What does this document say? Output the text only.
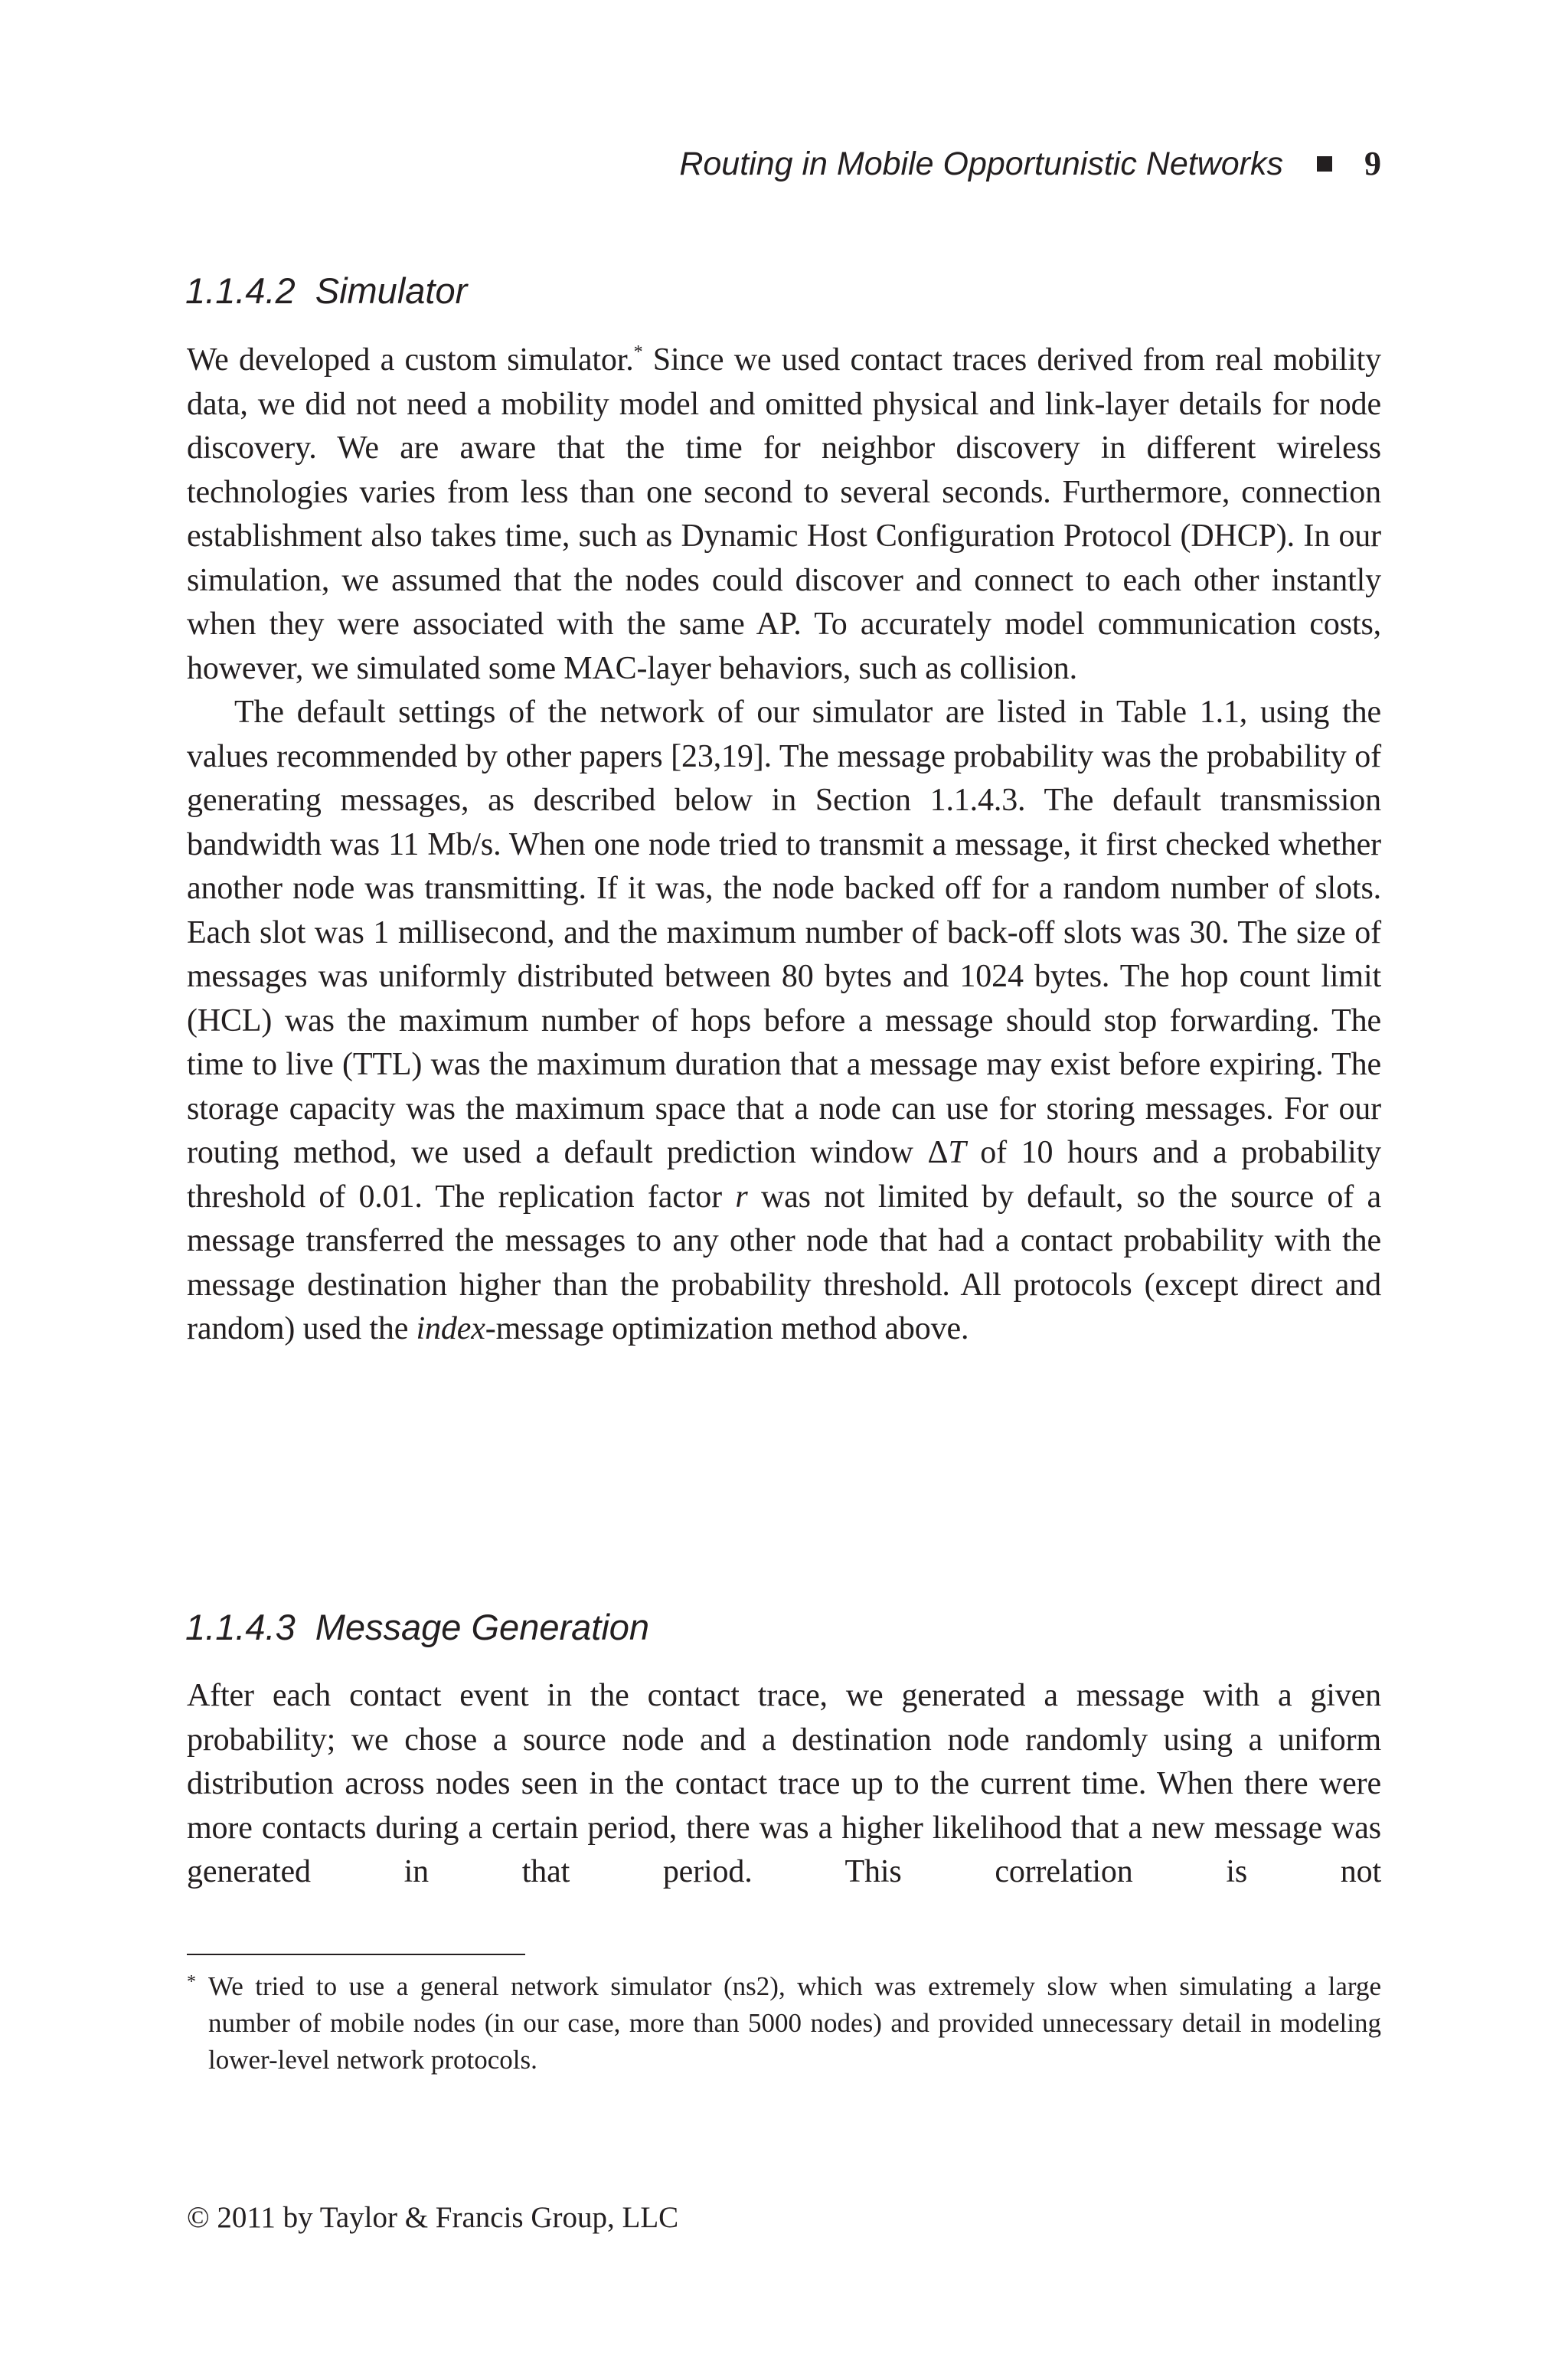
Routing in Mobile Opportunistic Networks 9
1.1.4.2 Simulator

We developed a custom simulator.* Since we used contact traces derived from real mobility data, we did not need a mobility model and omitted physical and link-layer details for node discovery. We are aware that the time for neighbor discovery in different wireless technologies varies from less than one second to several seconds. Furthermore, connection establishment also takes time, such as Dynamic Host Configuration Protocol (DHCP). In our simulation, we assumed that the nodes could discover and connect to each other instantly when they were associated with the same AP. To accurately model communication costs, however, we simulated some MAC-layer behaviors, such as collision.

The default settings of the network of our simulator are listed in Table 1.1, using the values recommended by other papers [23,19]. The message probability was the probability of generating messages, as described below in Section 1.1.4.3. The default transmission bandwidth was 11 Mb/s. When one node tried to transmit a message, it first checked whether another node was transmitting. If it was, the node backed off for a random number of slots. Each slot was 1 millisecond, and the maximum number of back-off slots was 30. The size of messages was uniformly distributed between 80 bytes and 1024 bytes. The hop count limit (HCL) was the maximum number of hops before a message should stop forwarding. The time to live (TTL) was the maximum duration that a message may exist before expiring. The storage capacity was the maximum space that a node can use for storing messages. For our routing method, we used a default prediction window ΔT of 10 hours and a probability threshold of 0.01. The replication factor r was not limited by default, so the source of a message transferred the messages to any other node that had a contact probability with the message destination higher than the probability threshold. All protocols (except direct and random) used the index-message optimization method above.

1.1.4.3 Message Generation

After each contact event in the contact trace, we generated a message with a given probability; we chose a source node and a destination node randomly using a uniform distribution across nodes seen in the contact trace up to the current time. When there were more contacts during a certain period, there was a higher likelihood that a new message was generated in that period. This correlation is not

* We tried to use a general network simulator (ns2), which was extremely slow when simulating a large number of mobile nodes (in our case, more than 5000 nodes) and provided unnecessary detail in modeling lower-level network protocols.

© 2011 by Taylor & Francis Group, LLC
